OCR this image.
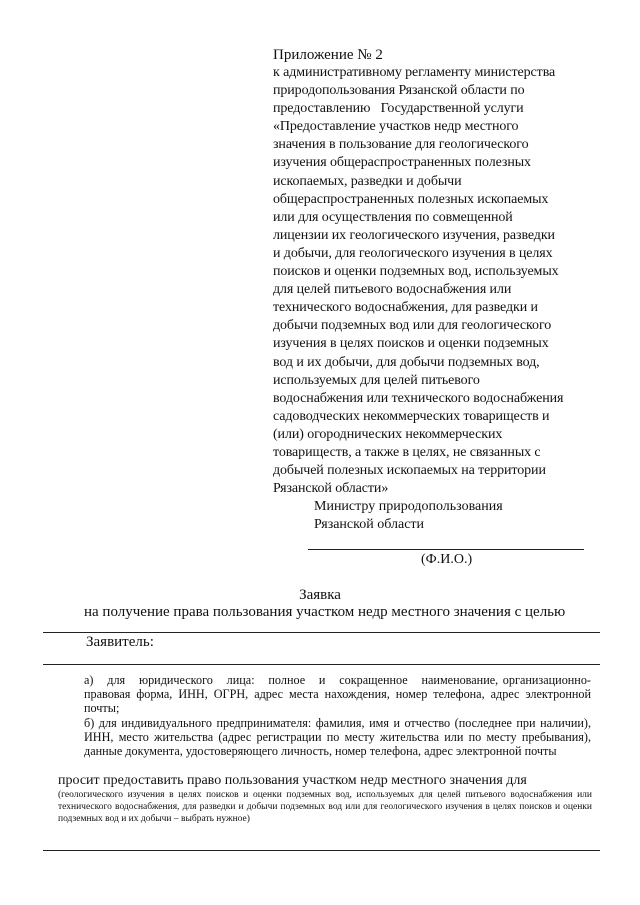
Приложение № 2
к административному регламенту министерства
природопользования Рязанской области по
предоставлению   Государственной услуги
«Предоставление участков недр местного
значения в пользование для геологического
изучения общераспространенных полезных
ископаемых, разведки и добычи
общераспространенных полезных ископаемых
или для осуществления по совмещенной
лицензии их геологического изучения, разведки
и добычи, для геологического изучения в целях
поисков и оценки подземных вод, используемых
для целей питьевого водоснабжения или
технического водоснабжения, для разведки и
добычи подземных вод или для геологического
изучения в целях поисков и оценки подземных
вод и их добычи, для добычи подземных вод,
используемых для целей питьевого
водоснабжения или технического водоснабжения
садоводческих некоммерческих товариществ и
(или) огороднических некоммерческих
товариществ, а также в целях, не связанных с
добычей полезных ископаемых на территории
Рязанской области»
Министру природопользования
Рязанской области
(Ф.И.О.)
Заявка
на получение права пользования участком недр местного значения с целью
Заявитель:
а)   для   юридического   лица:   полное   и   сокращенное   наименование, организационно-правовая форма, ИНН, ОГРН, адрес места нахождения, номер телефона, адрес электронной почты;
б) для индивидуального предпринимателя: фамилия, имя и отчество (последнее при наличии), ИНН, место жительства (адрес регистрации по месту жительства или по месту пребывания), данные документа, удостоверяющего личность, номер телефона, адрес электронной почты
просит предоставить право пользования участком недр местного значения для
(геологического изучения в целях поисков и оценки подземных вод, используемых для целей питьевого водоснабжения или технического водоснабжения, для разведки и добычи подземных вод или для геологического изучения в целях поисков и оценки подземных вод и их добычи – выбрать нужное)
